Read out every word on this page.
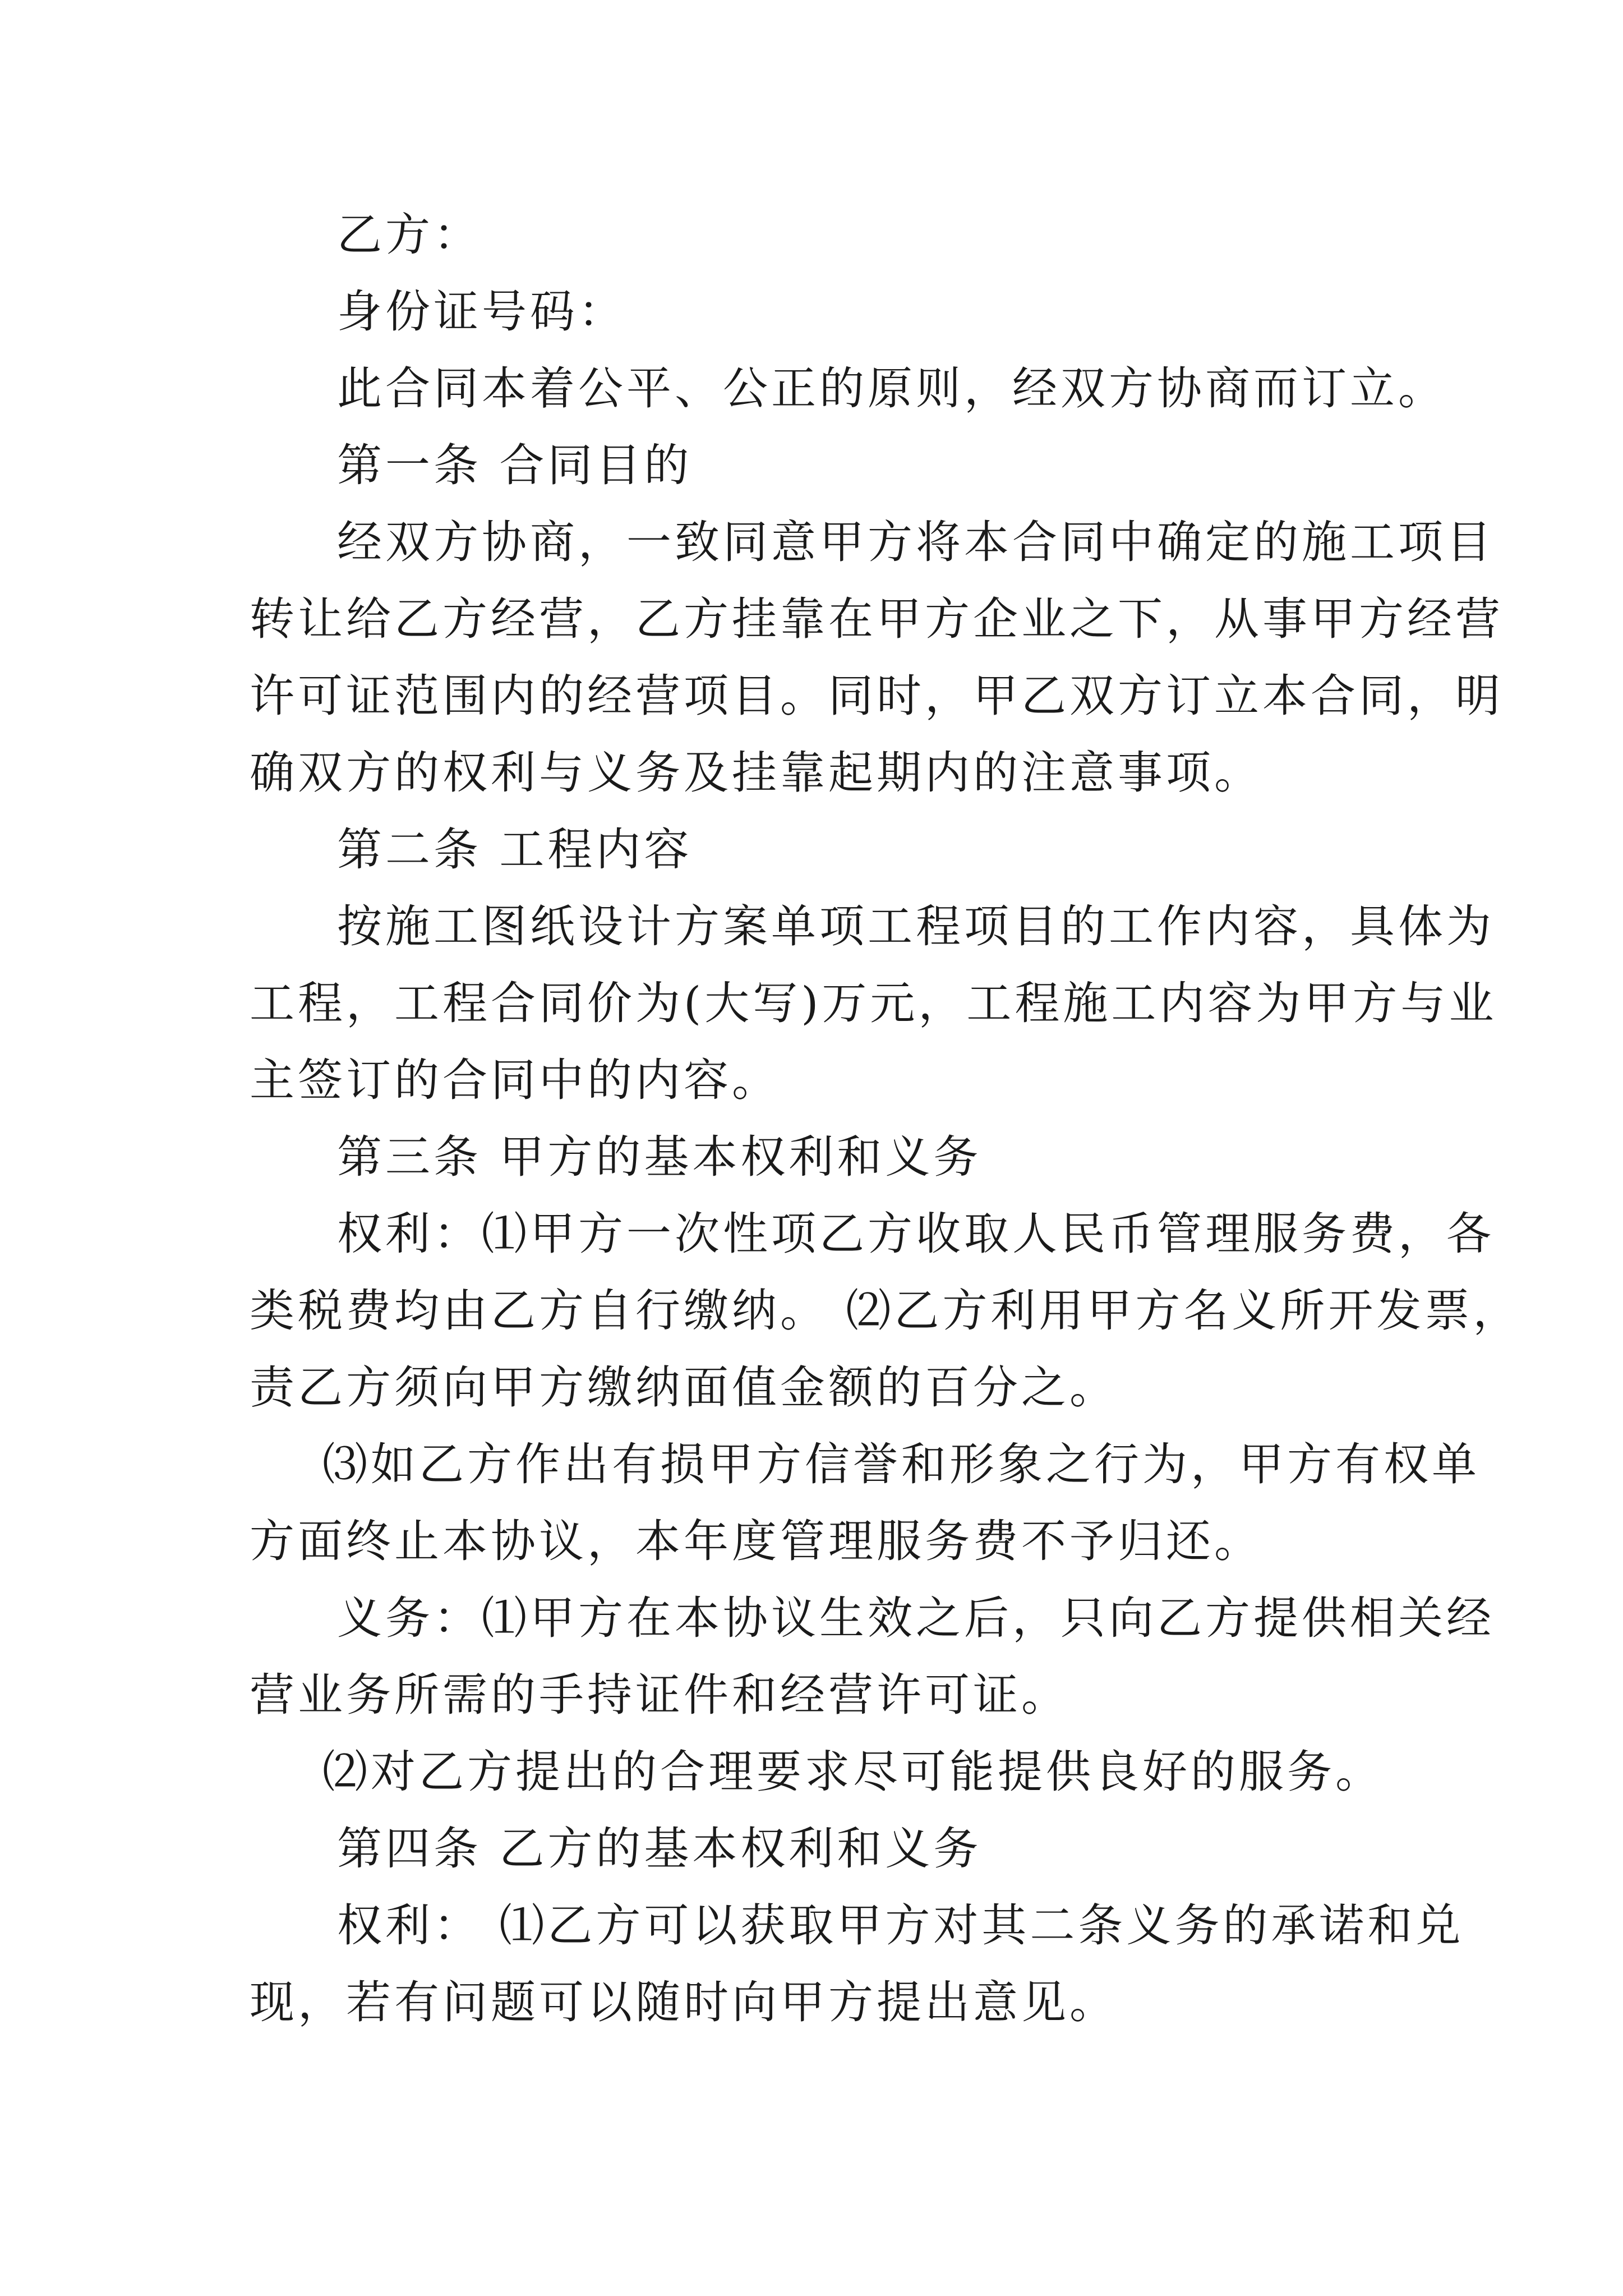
乙方：
身份证号码：
此合同本着公平、公正的原则，经双方协商而订立。
第一条 合同目的
经双方协商，一致同意甲方将本合同中确定的施工项目
转让给乙方经营，乙方挂靠在甲方企业之下，从事甲方经营
许可证范围内的经营项目。同时，甲乙双方订立本合同，明
确双方的权利与义务及挂靠起期内的注意事项。
第二条 工程内容
按施工图纸设计方案单项工程项目的工作内容，具体为
工程，工程合同价为(大写)万元，工程施工内容为甲方与业
主签订的合同中的内容。
第三条 甲方的基本权利和义务
权利：⑴甲方一次性项乙方收取人民币管理服务费，各
类税费均由乙方自行缴纳。 ⑵乙方利用甲方名义所开发票，
责乙方须向甲方缴纳面值金额的百分之。
⑶如乙方作出有损甲方信誉和形象之行为，甲方有权单
方面终止本协议，本年度管理服务费不予归还。
义务：⑴甲方在本协议生效之后，只向乙方提供相关经
营业务所需的手持证件和经营许可证。
⑵对乙方提出的合理要求尽可能提供良好的服务。
第四条 乙方的基本权利和义务
权利： ⑴乙方可以获取甲方对其二条义务的承诺和兑
现，若有问题可以随时向甲方提出意见。
